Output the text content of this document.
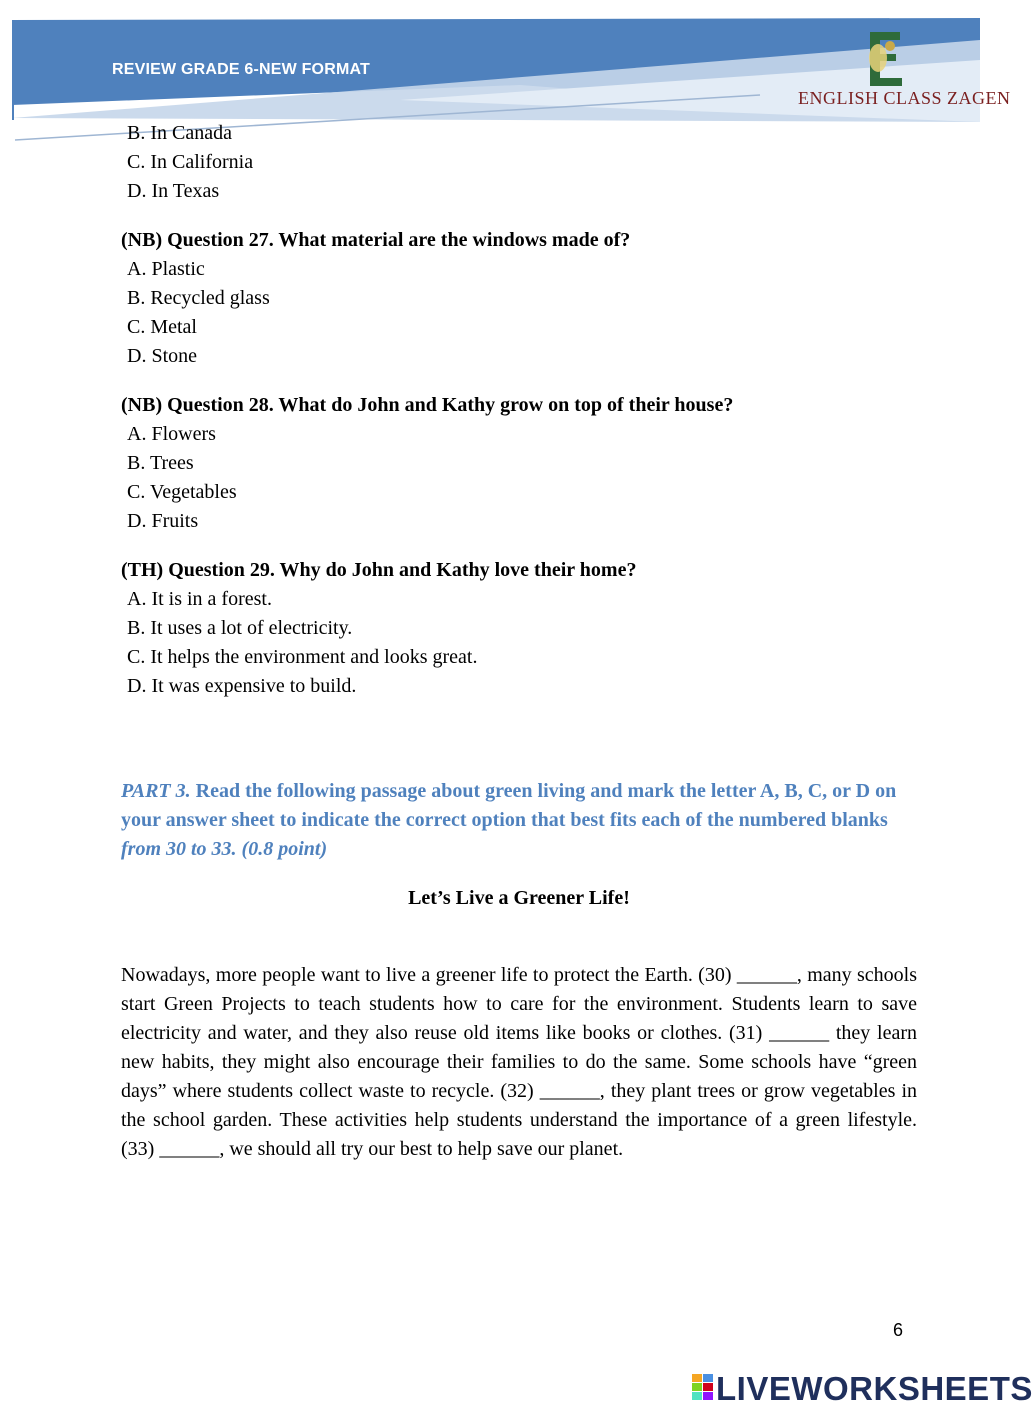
REVIEW GRADE 6-NEW FORMAT
ENGLISH CLASS ZAGEN

B. In Canada
C. In California
D. In Texas
(NB) Question 27. What material are the windows made of?
A. Plastic
B. Recycled glass
C. Metal
D. Stone
(NB) Question 28. What do John and Kathy grow on top of their house?
A. Flowers
B. Trees
C. Vegetables
D. Fruits
(TH) Question 29. Why do John and Kathy love their home?
A. It is in a forest.
B. It uses a lot of electricity.
C. It helps the environment and looks great.
D. It was expensive to build.
PART 3. Read the following passage about green living and mark the letter A, B, C, or D on your answer sheet to indicate the correct option that best fits each of the numbered blanks from 30 to 33. (0.8 point)
Let’s Live a Greener Life!
Nowadays, more people want to live a greener life to protect the Earth. (30) ______, many schools start Green Projects to teach students how to care for the environment. Students learn to save electricity and water, and they also reuse old items like books or clothes. (31) ______ they learn new habits, they might also encourage their families to do the same. Some schools have “green days” where students collect waste to recycle. (32) ______, they plant trees or grow vegetables in the school garden. These activities help students understand the importance of a green lifestyle. (33) ______, we should all try our best to help save our planet.
6
LIVEWORKSHEETS
